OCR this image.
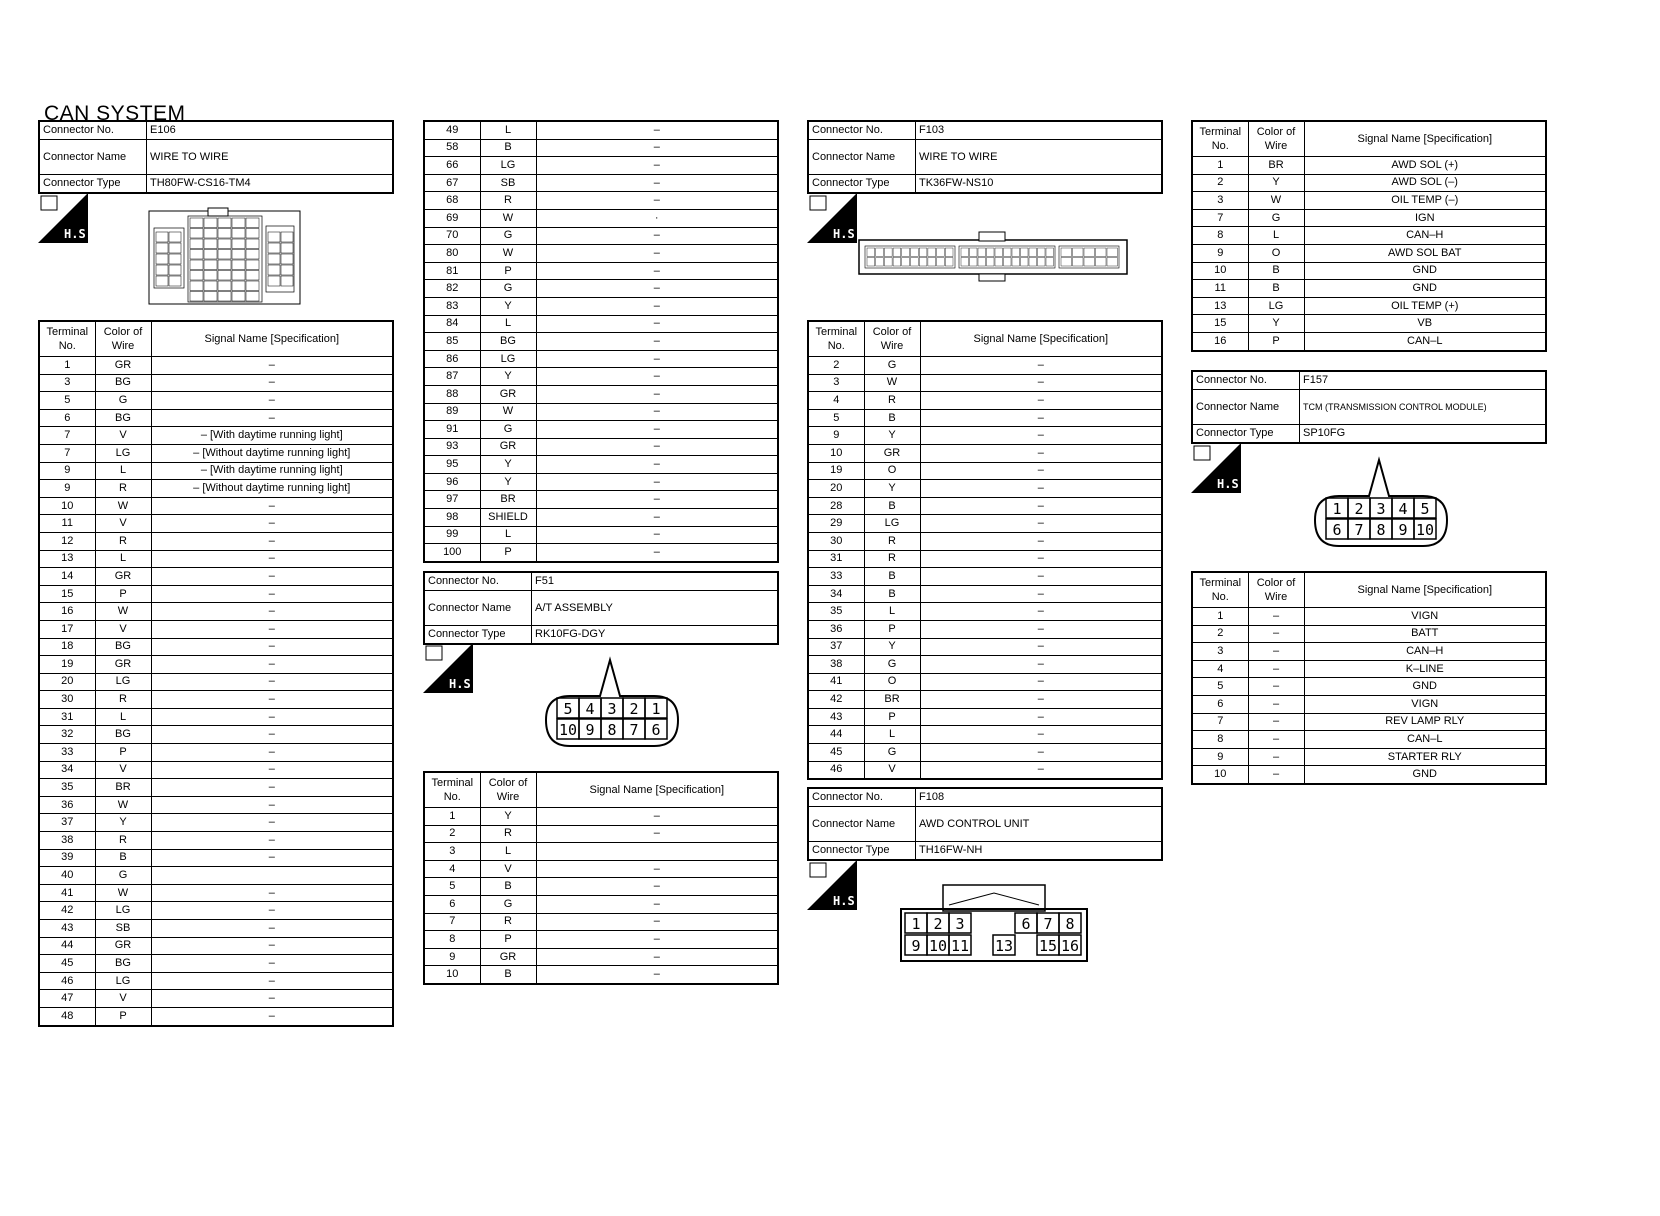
CAN SYSTEM
Connector No.	E106
Connector Name	WIRE TO WIRE
Connector Type	TH80FW-CS16-TM4
H.S.
Terminal No.	Color of Wire	Signal Name [Specification]
1	GR	–
3	BG	–
5	G	–
6	BG	–
7	V	– [With daytime running light]
7	LG	– [Without daytime running light]
9	L	– [With daytime running light]
9	R	– [Without daytime running light]
10	W	–
11	V	–
12	R	–
13	L	–
14	GR	–
15	P	–
16	W	–
17	V	–
18	BG	–
19	GR	–
20	LG	–
30	R	–
31	L	–
32	BG	–
33	P	–
34	V	–
35	BR	–
36	W	–
37	Y	–
38	R	–
39	B	–
40	G	
41	W	–
42	LG	–
43	SB	–
44	GR	–
45	BG	–
46	LG	–
47	V	–
48	P	–
49	L	–
58	B	–
66	LG	–
67	SB	–
68	R	–
69	W	·
70	G	–
80	W	–
81	P	–
82	G	–
83	Y	–
84	L	–
85	BG	–
86	LG	–
87	Y	–
88	GR	–
89	W	–
91	G	–
93	GR	–
95	Y	–
96	Y	–
97	BR	–
98	SHIELD	–
99	L	–
100	P	–
Connector No.	F51
Connector Name	A/T ASSEMBLY
Connector Type	RK10FG-DGY
H.S.
5 4 3 2 1
10 9 8 7 6
Terminal No.	Color of Wire	Signal Name [Specification]
1	Y	–
2	R	–
3	L	
4	V	–
5	B	–
6	G	–
7	R	–
8	P	–
9	GR	–
10	B	–
Connector No.	F103
Connector Name	WIRE TO WIRE
Connector Type	TK36FW-NS10
H.S.
Terminal No.	Color of Wire	Signal Name [Specification]
2	G	–
3	W	–
4	R	–
5	B	–
9	Y	–
10	GR	–
19	O	–
20	Y	–
28	B	–
29	LG	–
30	R	–
31	R	–
33	B	–
34	B	–
35	L	–
36	P	–
37	Y	–
38	G	–
41	O	–
42	BR	–
43	P	–
44	L	–
45	G	–
46	V	–
Connector No.	F108
Connector Name	AWD CONTROL UNIT
Connector Type	TH16FW-NH
H.S.
1 2 3	6 7 8
9 10 11 13 15 16
Terminal No.	Color of Wire	Signal Name [Specification]
1	BR	AWD SOL (+)
2	Y	AWD SOL (–)
3	W	OIL TEMP (–)
7	G	IGN
8	L	CAN–H
9	O	AWD SOL BAT
10	B	GND
11	B	GND
13	LG	OIL TEMP (+)
15	Y	VB
16	P	CAN–L
Connector No.	F157
Connector Name	TCM (TRANSMISSION CONTROL MODULE)
Connector Type	SP10FG
H.S.
1 2 3 4 5
6 7 8 9 10
Terminal No.	Color of Wire	Signal Name [Specification]
1	–	VIGN
2	–	BATT
3	–	CAN–H
4	–	K–LINE
5	–	GND
6	–	VIGN
7	–	REV LAMP RLY
8	–	CAN–L
9	–	STARTER RLY
10	–	GND
